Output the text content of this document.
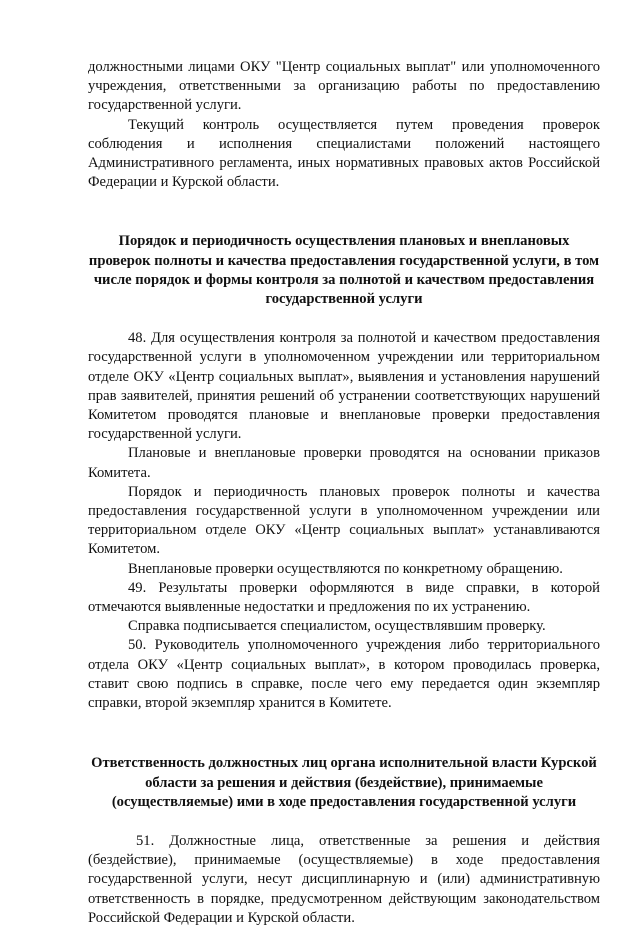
должностными лицами ОКУ "Центр социальных выплат" или уполномоченного учреждения, ответственными за организацию работы по предоставлению государственной услуги.

Текущий контроль осуществляется путем проведения проверок соблюдения и исполнения специалистами положений настоящего Административного регламента, иных нормативных правовых актов Российской Федерации и Курской области.

Порядок и периодичность осуществления плановых и внеплановых проверок полноты и качества предоставления государственной услуги, в том числе порядок и формы контроля за полнотой и качеством предоставления государственной услуги

48. Для осуществления контроля за полнотой и качеством предоставления государственной услуги в уполномоченном учреждении или территориальном отделе ОКУ «Центр социальных выплат», выявления и установления нарушений прав заявителей, принятия решений об устранении соответствующих нарушений Комитетом проводятся плановые и внеплановые проверки предоставления государственной услуги.

Плановые и внеплановые проверки проводятся на основании приказов Комитета.

Порядок и периодичность плановых проверок полноты и качества предоставления государственной услуги в уполномоченном учреждении или территориальном отделе ОКУ «Центр социальных выплат» устанавливаются Комитетом.

Внеплановые проверки осуществляются по конкретному обращению.

49. Результаты проверки оформляются в виде справки, в которой отмечаются выявленные недостатки и предложения по их устранению.

Справка подписывается специалистом, осуществлявшим проверку.

50. Руководитель уполномоченного учреждения либо территориального отдела ОКУ «Центр социальных выплат», в котором проводилась проверка, ставит свою подпись в справке, после чего ему передается один экземпляр справки, второй экземпляр хранится в Комитете.

Ответственность должностных лиц органа исполнительной власти Курской области за решения и действия (бездействие), принимаемые (осуществляемые) ими в ходе предоставления государственной услуги

51. Должностные лица, ответственные за решения и действия (бездействие), принимаемые (осуществляемые) в ходе предоставления государственной услуги, несут дисциплинарную и (или) административную ответственность в порядке, предусмотренном действующим законодательством Российской Федерации и Курской области.
